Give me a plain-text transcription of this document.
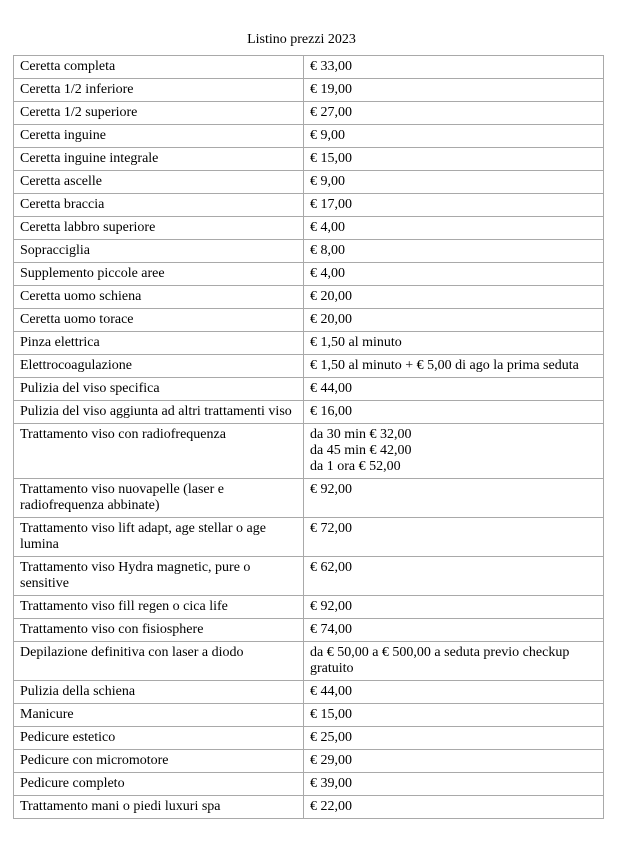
Listino prezzi 2023
Ceretta completa	€ 33,00
Ceretta 1/2 inferiore	€ 19,00
Ceretta 1/2 superiore	€ 27,00
Ceretta inguine	€ 9,00
Ceretta inguine integrale	€ 15,00
Ceretta ascelle	€ 9,00
Ceretta braccia	€ 17,00
Ceretta labbro superiore	€ 4,00
Sopracciglia	€ 8,00
Supplemento piccole aree	€ 4,00
Ceretta uomo schiena	€ 20,00
Ceretta uomo torace	€ 20,00
Pinza elettrica	€ 1,50 al minuto
Elettrocoagulazione	€ 1,50 al minuto + € 5,00 di ago la prima seduta
Pulizia del viso specifica	€ 44,00
Pulizia del viso aggiunta ad altri trattamenti viso	€ 16,00
Trattamento viso con radiofrequenza	da 30 min € 32,00
da 45 min € 42,00
da 1 ora € 52,00

Trattamento viso nuovapelle (laser e radiofrequenza abbinate)	€ 92,00
Trattamento viso lift adapt, age stellar o age lumina	€ 72,00
Trattamento viso Hydra magnetic, pure o sensitive	€ 62,00
Trattamento viso fill regen o cica life	€ 92,00
Trattamento viso con fisiosphere	€ 74,00
Depilazione definitiva con laser a diodo	da € 50,00 a € 500,00 a seduta previo checkup gratuito
Pulizia della schiena	€ 44,00
Manicure	€ 15,00
Pedicure estetico	€ 25,00
Pedicure con micromotore	€ 29,00
Pedicure completo	€ 39,00
Trattamento mani o piedi luxuri spa	€ 22,00
